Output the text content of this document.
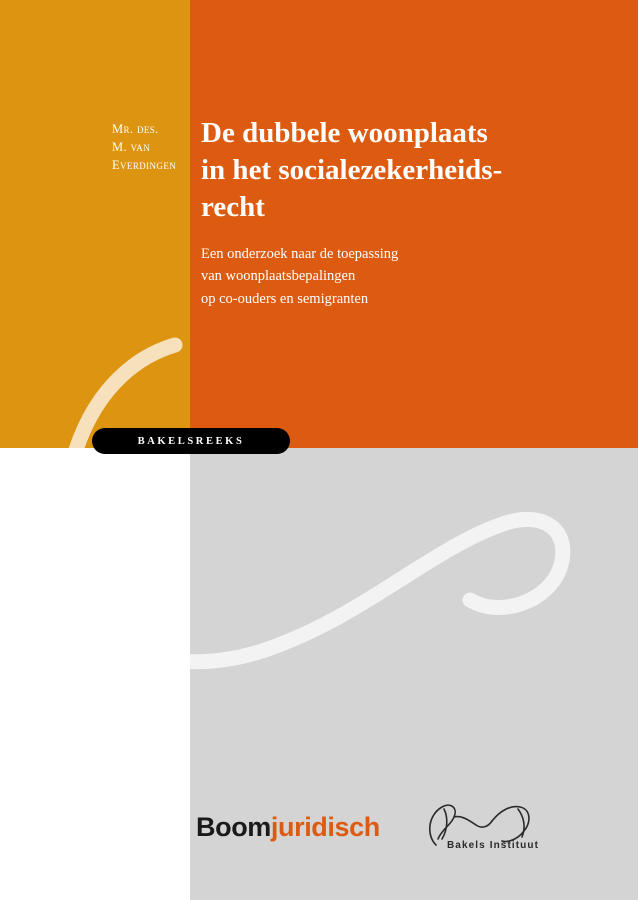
Mr. des.
M. van Everdingen
De dubbele woonplaats
in het socialezekerheids-
recht
Een onderzoek naar de toepassing
van woonplaatsbepalingen
op co-ouders en semigranten
BAKELSREEKS
Boomjuridisch
Bakels Instituut
